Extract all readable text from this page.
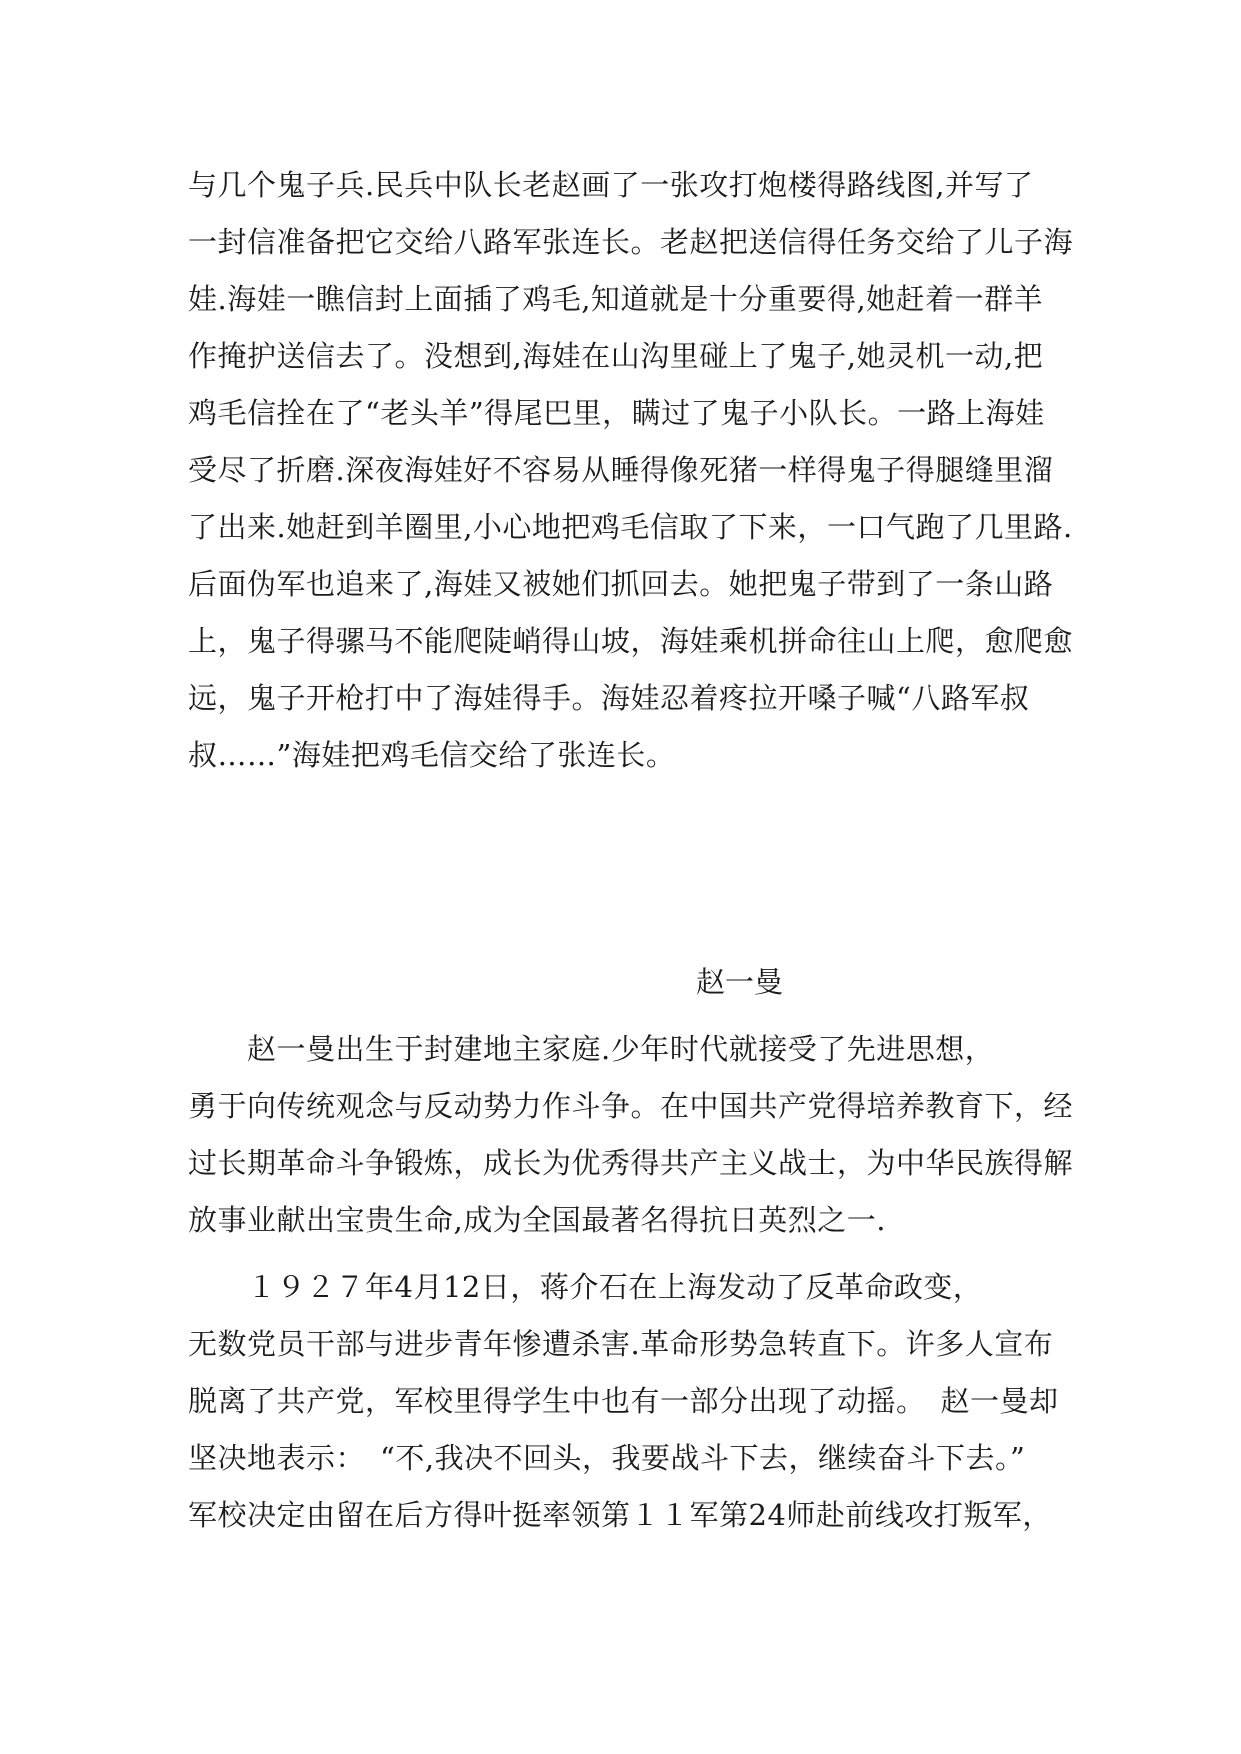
与几个鬼子兵.民兵中队长老赵画了一张攻打炮楼得路线图,并写了
一封信准备把它交给八路军张连长。老赵把送信得任务交给了儿子海
娃.海娃一瞧信封上面插了鸡毛,知道就是十分重要得,她赶着一群羊
作掩护送信去了。没想到,海娃在山沟里碰上了鬼子,她灵机一动,把
鸡毛信拴在了“老头羊”得尾巴里，瞒过了鬼子小队长。一路上海娃
受尽了折磨.深夜海娃好不容易从睡得像死猪一样得鬼子得腿缝里溜
了出来.她赶到羊圈里,小心地把鸡毛信取了下来，一口气跑了几里路.
后面伪军也追来了,海娃又被她们抓回去。她把鬼子带到了一条山路
上，鬼子得骡马不能爬陡峭得山坡，海娃乘机拼命往山上爬，愈爬愈
远，鬼子开枪打中了海娃得手。海娃忍着疼拉开嗓子喊“八路军叔
叔……”海娃把鸡毛信交给了张连长。
赵一曼
　　赵一曼出生于封建地主家庭.少年时代就接受了先进思想，
勇于向传统观念与反动势力作斗争。在中国共产党得培养教育下，经
过长期革命斗争锻炼，成长为优秀得共产主义战士，为中华民族得解
放事业献出宝贵生命,成为全国最著名得抗日英烈之一.
　　１９２７年4月12日，蒋介石在上海发动了反革命政变，
无数党员干部与进步青年惨遭杀害.革命形势急转直下。许多人宣布
脱离了共产党，军校里得学生中也有一部分出现了动摇。　赵一曼却
坚决地表示：　“不,我决不回头，我要战斗下去，继续奋斗下去。”
军校决定由留在后方得叶挺率领第１１军第24师赴前线攻打叛军，
